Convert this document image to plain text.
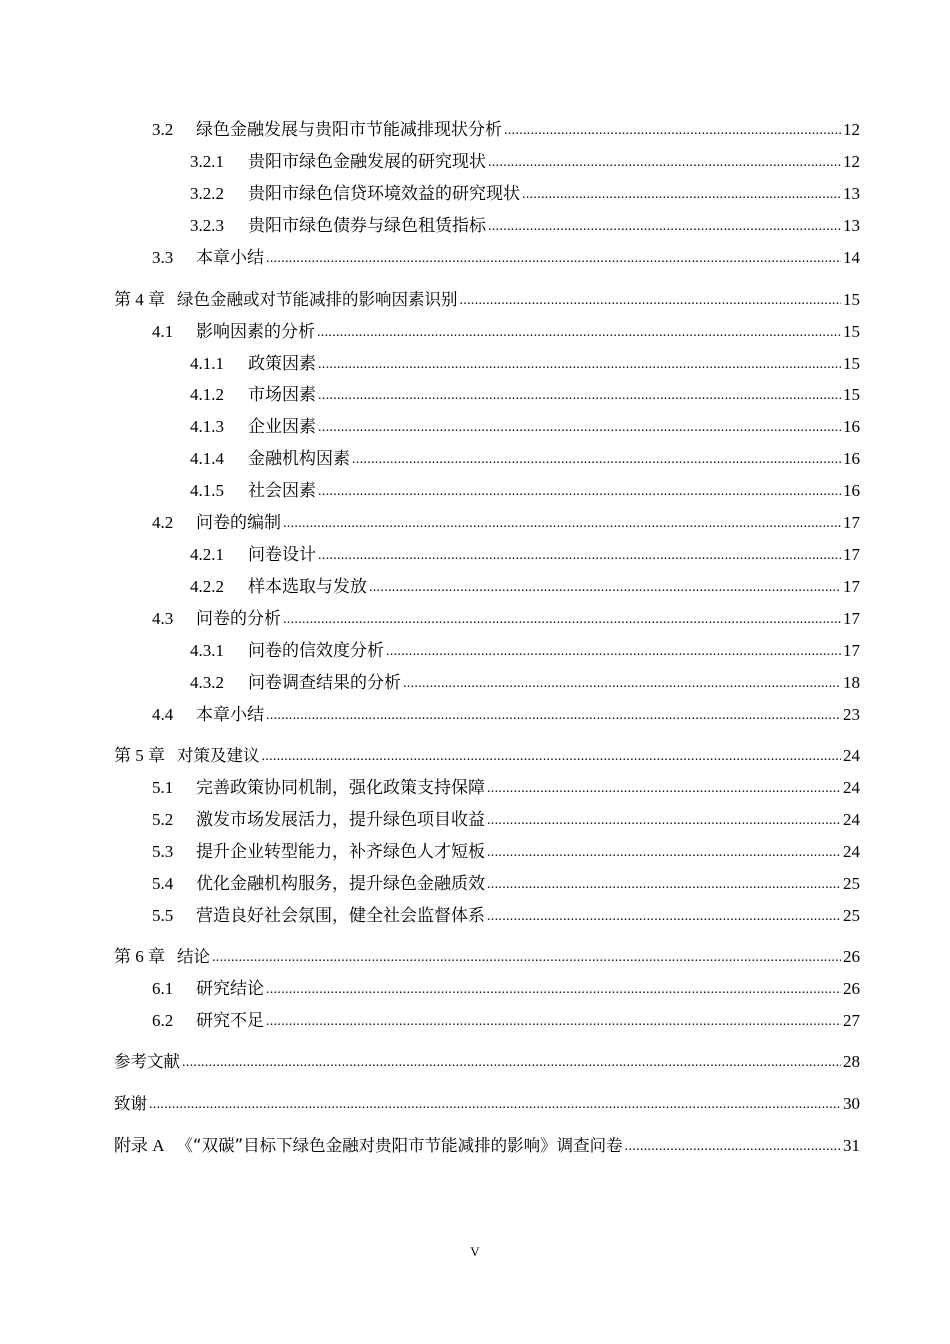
3.2	绿色金融发展与贵阳市节能减排现状分析 .....	12
3.2.1	贵阳市绿色金融发展的研究现状 .....	12
3.2.2	贵阳市绿色信贷环境效益的研究现状 .....	13
3.2.3	贵阳市绿色债券与绿色租赁指标 .....	13
3.3	本章小结 .....	14
第 4 章 绿色金融或对节能减排的影响因素识别 .....	15
4.1	影响因素的分析 .....	15
4.1.1	政策因素 .....	15
4.1.2	市场因素 .....	15
4.1.3	企业因素 .....	16
4.1.4	金融机构因素 .....	16
4.1.5	社会因素 .....	16
4.2	问卷的编制 .....	17
4.2.1	问卷设计 .....	17
4.2.2	样本选取与发放 .....	17
4.3	问卷的分析 .....	17
4.3.1	问卷的信效度分析 .....	17
4.3.2	问卷调查结果的分析 .....	18
4.4	本章小结 .....	23
第 5 章 对策及建议 .....	24
5.1	完善政策协同机制，强化政策支持保障 .....	24
5.2	激发市场发展活力，提升绿色项目收益 .....	24
5.3	提升企业转型能力，补齐绿色人才短板 .....	24
5.4	优化金融机构服务，提升绿色金融质效 .....	25
5.5	营造良好社会氛围，健全社会监督体系 .....	25
第 6 章 结论 .....	26
6.1	研究结论 .....	26
6.2	研究不足 .....	27
参考文献 .....	28
致谢 .....	30
附录 A 《“双碳”目标下绿色金融对贵阳市节能减排的影响》调查问卷 .....	31
V
